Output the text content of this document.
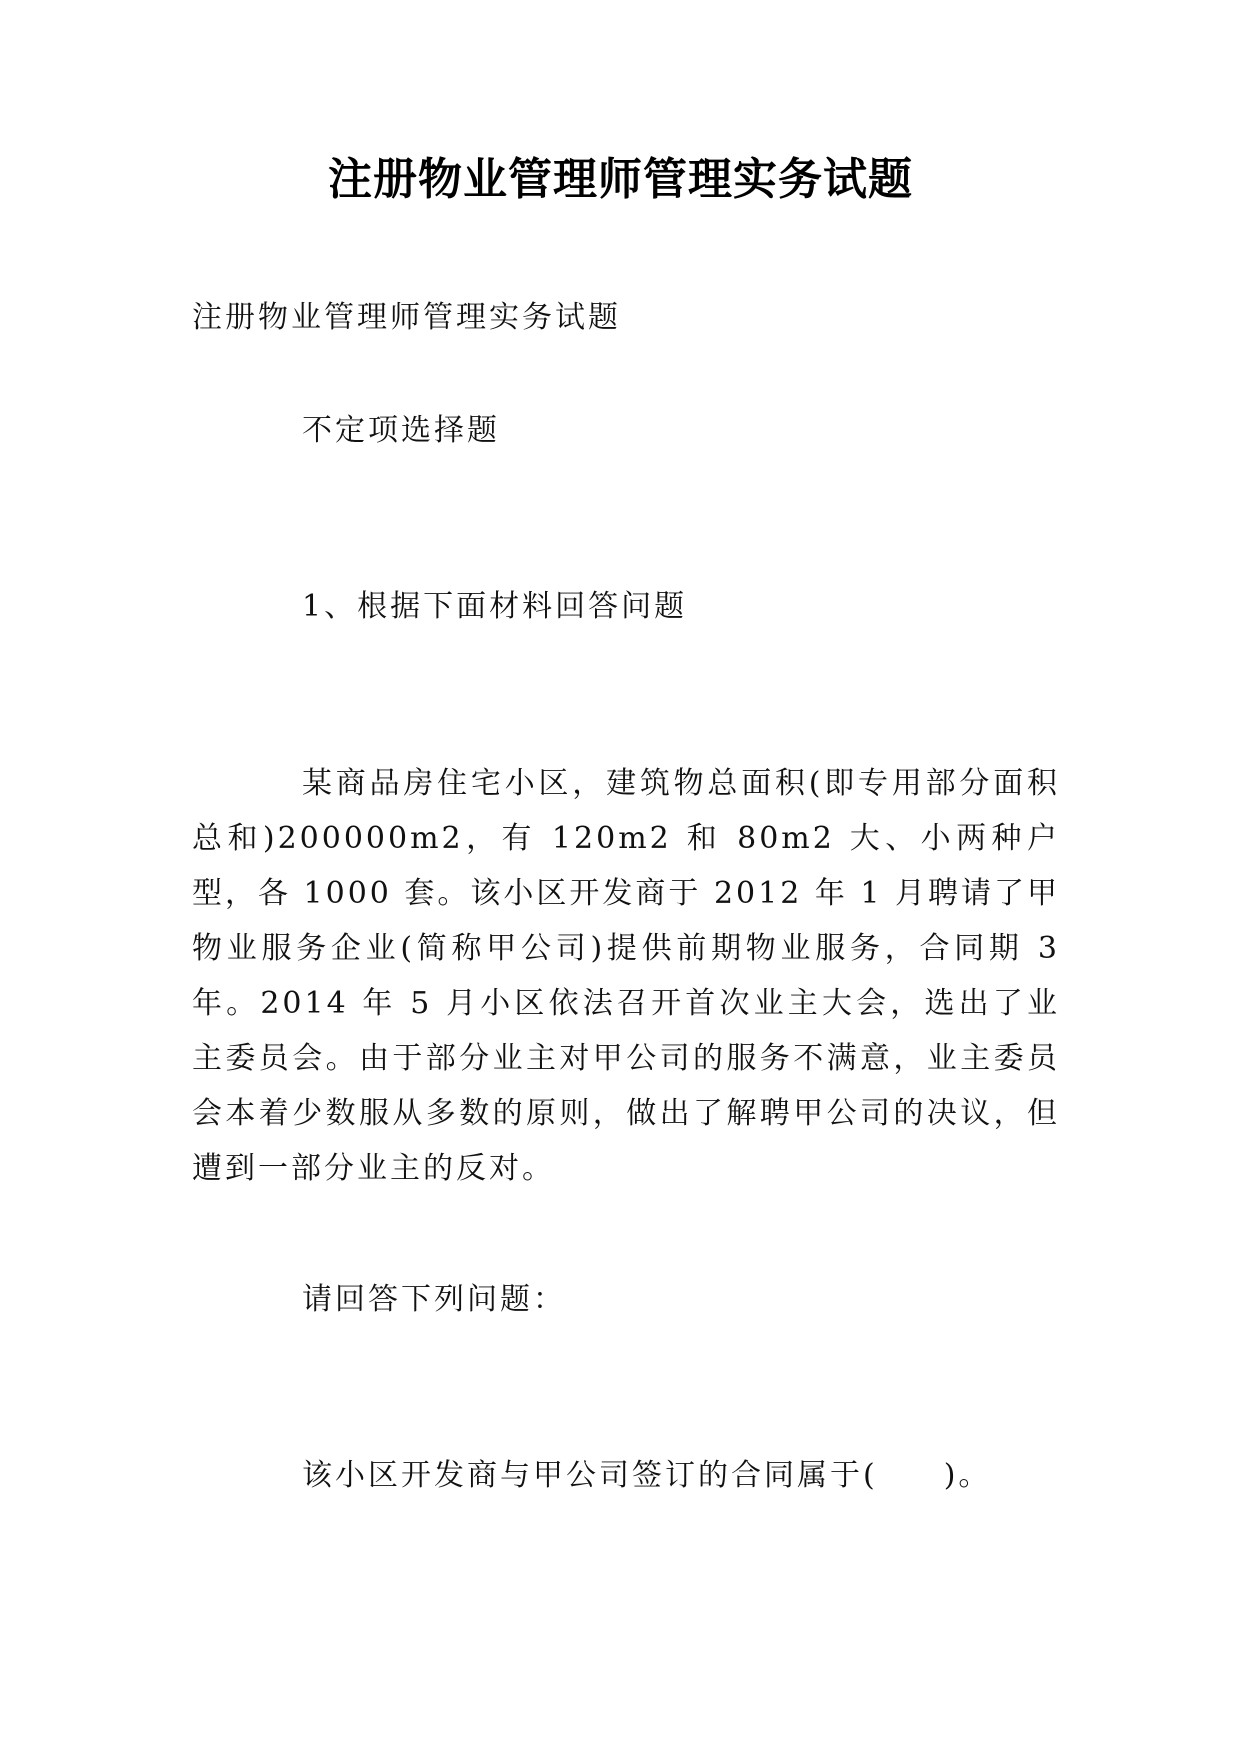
注册物业管理师管理实务试题
注册物业管理师管理实务试题
不定项选择题
1、根据下面材料回答问题
某商品房住宅小区，建筑物总面积(即专用部分面积总和)200000m2，有 120m2 和 80m2 大、小两种户型，各 1000 套。该小区开发商于 2012 年 1 月聘请了甲物业服务企业(简称甲公司)提供前期物业服务，合同期 3 年。2014 年 5 月小区依法召开首次业主大会，选出了业主委员会。由于部分业主对甲公司的服务不满意，业主委员会本着少数服从多数的原则，做出了解聘甲公司的决议，但遭到一部分业主的反对。
请回答下列问题：
该小区开发商与甲公司签订的合同属于(　　)。
